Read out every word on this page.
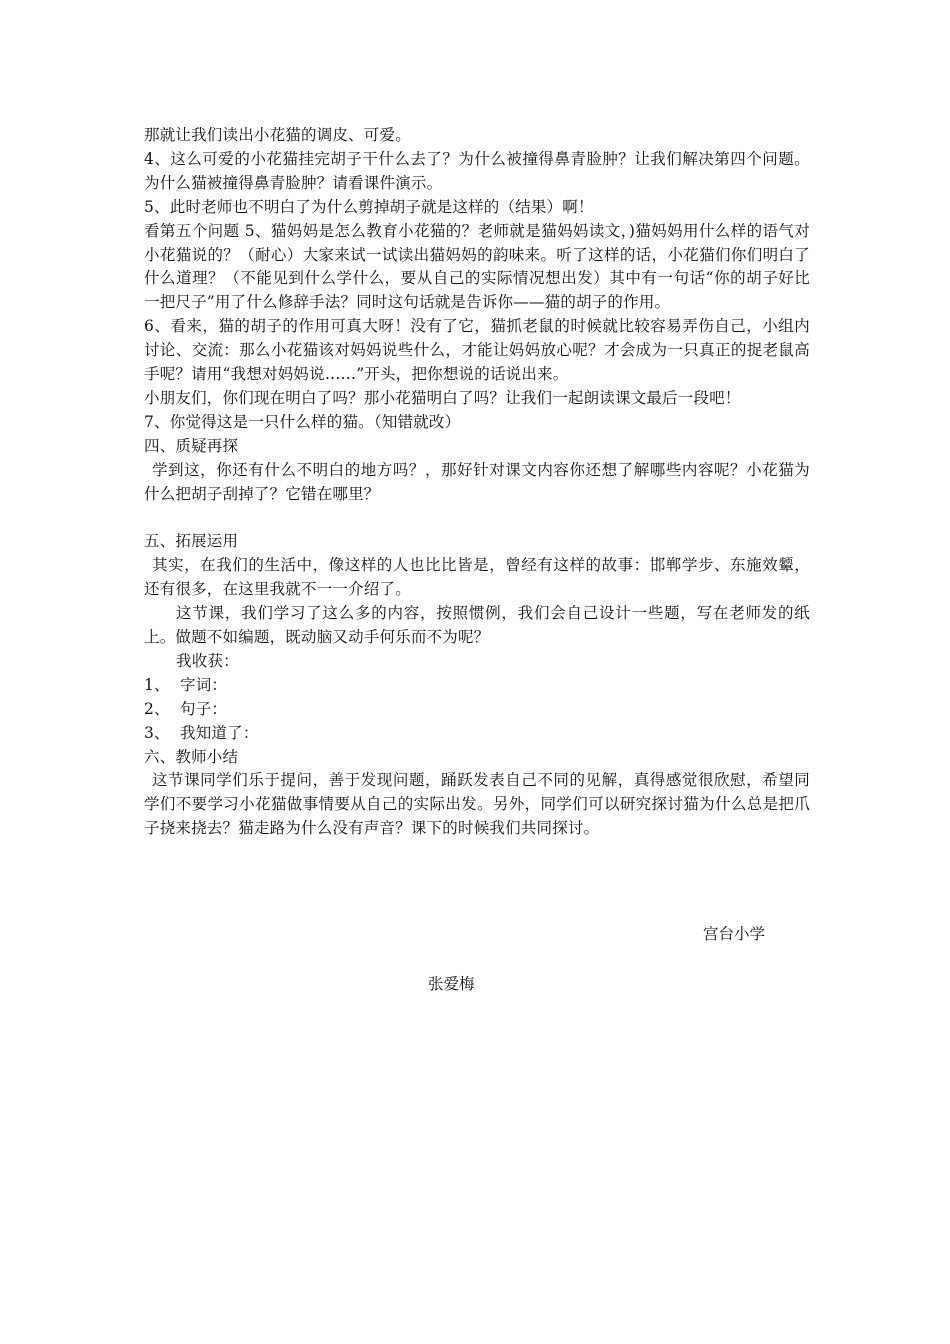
那就让我们读出小花猫的调皮、可爱。

4、这么可爱的小花猫挂完胡子干什么去了？为什么被撞得鼻青脸肿？让我们解决第四个问题。为什么猫被撞得鼻青脸肿？请看课件演示。

5、此时老师也不明白了为什么剪掉胡子就是这样的（结果）啊！

看第五个问题 5、猫妈妈是怎么教育小花猫的？老师就是猫妈妈读文，)猫妈妈用什么样的语气对小花猫说的？（耐心）大家来试一试读出猫妈妈的韵味来。听了这样的话，小花猫们你们明白了什么道理？（不能见到什么学什么，要从自己的实际情况想出发）其中有一句话“你的胡子好比一把尺子”用了什么修辞手法？同时这句话就是告诉你——猫的胡子的作用。

6、看来，猫的胡子的作用可真大呀！没有了它，猫抓老鼠的时候就比较容易弄伤自己，小组内讨论、交流：那么小花猫该对妈妈说些什么，才能让妈妈放心呢？才会成为一只真正的捉老鼠高手呢？请用“我想对妈妈说……”开头，把你想说的话说出来。

小朋友们，你们现在明白了吗？那小花猫明白了吗？让我们一起朗读课文最后一段吧！

7、你觉得这是一只什么样的猫。（知错就改）

四、质疑再探

学到这，你还有什么不明白的地方吗？，那好针对课文内容你还想了解哪些内容呢？小花猫为什么把胡子刮掉了？它错在哪里？

五、拓展运用

其实，在我们的生活中，像这样的人也比比皆是，曾经有这样的故事：邯郸学步、东施效颦，还有很多，在这里我就不一一介绍了。

这节课，我们学习了这么多的内容，按照惯例，我们会自己设计一些题，写在老师发的纸上。做题不如编题，既动脑又动手何乐而不为呢？

我收获：

1、  字词：

2、  句子：

3、  我知道了：

六、教师小结

这节课同学们乐于提问，善于发现问题，踊跃发表自己不同的见解，真得感觉很欣慰，希望同学们不要学习小花猫做事情要从自己的实际出发。另外，同学们可以研究探讨猫为什么总是把爪子挠来挠去？猫走路为什么没有声音？课下的时候我们共同探讨。

宫台小学
张爱梅
